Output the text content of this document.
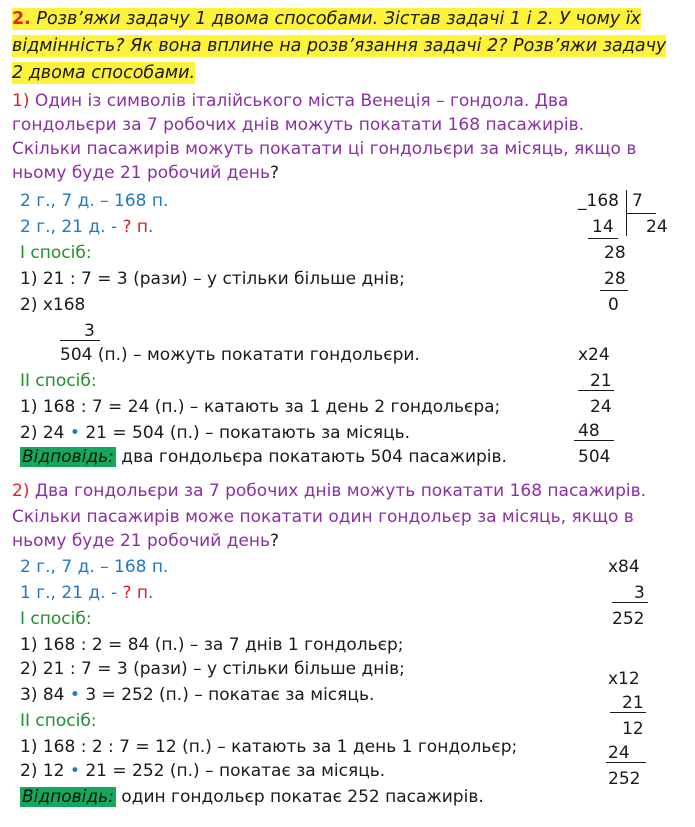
2. Розв’яжи задачу 1 двома способами. Зістав задачі 1 і 2. У чому їх
відмінність? Як вона вплине на розв’язання задачі 2? Розв’яжи задачу
2 двома способами.
1) Один із символів італійського міста Венеція – гондола. Два
гондольєри за 7 робочих днів можуть покатати 168 пасажирів.
Скільки пасажирів можуть покатати ці гондольєри за місяць, якщо в
ньому буде 21 робочий день?
2 г., 7 д. – 168 п.
2 г., 21 д. - ? п.
І спосіб:
1) 21 : 7 = 3 (рази) – у стільки більше днів;
2) х168
3
504 (п.) – можуть покатати гондольєри.
ІІ спосіб:
1) 168 : 7 = 24 (п.) – катають за 1 день 2 гондольєра;
2) 24 • 21 = 504 (п.) – покатають за місяць.
Відповідь: два гондольєра покатають 504 пасажирів.
_168 7
14 24
28
28
0
х24
21
24
48
504
2) Два гондольєри за 7 робочих днів можуть покатати 168 пасажирів.
Скільки пасажирів може покатати один гондольєр за місяць, якщо в
ньому буде 21 робочий день?
2 г., 7 д. – 168 п.
1 г., 21 д. - ? п.
І спосіб:
1) 168 : 2 = 84 (п.) – за 7 днів 1 гондольєр;
2) 21 : 7 = 3 (рази) – у стільки більше днів;
3) 84 • 3 = 252 (п.) – покатає за місяць.
ІІ спосіб:
1) 168 : 2 : 7 = 12 (п.) – катають за 1 день 1 гондольєр;
2) 12 • 21 = 252 (п.) – покатає за місяць.
Відповідь: один гондольєр покатає 252 пасажирів.
х84
3
252
х12
21
12
24
252
